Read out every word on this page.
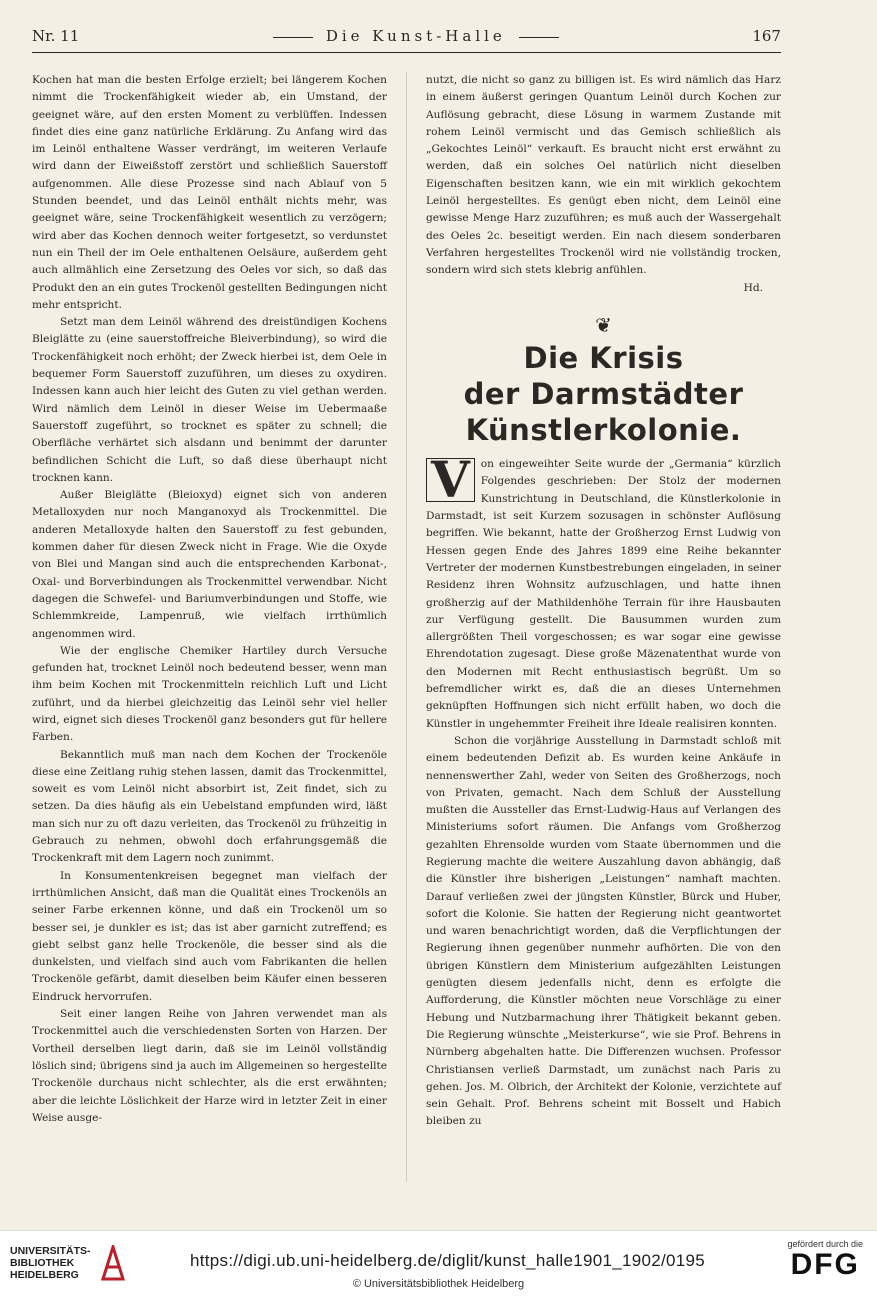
Nr. 11	Die Kunst-Halle	167

Kochen hat man die besten Erfolge erzielt; bei längerem Kochen nimmt die Trockenfähigkeit wieder ab, ein Umstand, der geeignet wäre, auf den ersten Moment zu verblüffen. Indessen findet dies eine ganz natürliche Erklärung. Zu Anfang wird das im Leinöl enthaltene Wasser verdrängt, im weiteren Verlaufe wird dann der Eiweißstoff zerstört und schließlich Sauerstoff aufgenommen. Alle diese Prozesse sind nach Ablauf von 5 Stunden beendet, und das Leinöl enthält nichts mehr, was geeignet wäre, seine Trockenfähigkeit wesentlich zu verzögern; wird aber das Kochen dennoch weiter fortgesetzt, so verdunstet nun ein Theil der im Oele enthaltenen Oelsäure, außerdem geht auch allmählich eine Zersetzung des Oeles vor sich, so daß das Produkt den an ein gutes Trockenöl gestellten Bedingungen nicht mehr entspricht.

Setzt man dem Leinöl während des dreistündigen Kochens Bleiglätte zu (eine sauerstoffreiche Bleiverbindung), so wird die Trockenfähigkeit noch erhöht; der Zweck hierbei ist, dem Oele in bequemer Form Sauerstoff zuzuführen, um dieses zu oxydiren. Indessen kann auch hier leicht des Guten zu viel gethan werden. Wird nämlich dem Leinöl in dieser Weise im Uebermaaße Sauerstoff zugeführt, so trocknet es später zu schnell; die Oberfläche verhärtet sich alsdann und benimmt der darunter befindlichen Schicht die Luft, so daß diese überhaupt nicht trocknen kann.

Außer Bleiglätte (Bleioxyd) eignet sich von anderen Metalloxyden nur noch Manganoxyd als Trockenmittel. Die anderen Metalloxyde halten den Sauerstoff zu fest gebunden, kommen daher für diesen Zweck nicht in Frage. Wie die Oxyde von Blei und Mangan sind auch die entsprechenden Karbonat-, Oxal- und Borverbindungen als Trockenmittel verwendbar. Nicht dagegen die Schwefel- und Bariumverbindungen und Stoffe, wie Schlemmkreide, Lampenruß, wie vielfach irrthümlich angenommen wird.

Wie der englische Chemiker Hartiley durch Versuche gefunden hat, trocknet Leinöl noch bedeutend besser, wenn man ihm beim Kochen mit Trockenmitteln reichlich Luft und Licht zuführt, und da hierbei gleichzeitig das Leinöl sehr viel heller wird, eignet sich dieses Trockenöl ganz besonders gut für hellere Farben.

Bekanntlich muß man nach dem Kochen der Trockenöle diese eine Zeitlang ruhig stehen lassen, damit das Trockenmittel, soweit es vom Leinöl nicht absorbirt ist, Zeit findet, sich zu setzen. Da dies häufig als ein Uebelstand empfunden wird, läßt man sich nur zu oft dazu verleiten, das Trockenöl zu frühzeitig in Gebrauch zu nehmen, obwohl doch erfahrungsgemäß die Trockenkraft mit dem Lagern noch zunimmt.

In Konsumentenkreisen begegnet man vielfach der irrthümlichen Ansicht, daß man die Qualität eines Trockenöls an seiner Farbe erkennen könne, und daß ein Trockenöl um so besser sei, je dunkler es ist; das ist aber garnicht zutreffend; es giebt selbst ganz helle Trockenöle, die besser sind als die dunkelsten, und vielfach sind auch vom Fabrikanten die hellen Trockenöle gefärbt, damit dieselben beim Käufer einen besseren Eindruck hervorrufen.

Seit einer langen Reihe von Jahren verwendet man als Trockenmittel auch die verschiedensten Sorten von Harzen. Der Vortheil derselben liegt darin, daß sie im Leinöl vollständig löslich sind; übrigens sind ja auch im Allgemeinen so hergestellte Trockenöle durchaus nicht schlechter, als die erst erwähnten; aber die leichte Löslichkeit der Harze wird in letzter Zeit in einer Weise ausge-

nutzt, die nicht so ganz zu billigen ist. Es wird nämlich das Harz in einem äußerst geringen Quantum Leinöl durch Kochen zur Auflösung gebracht, diese Lösung in warmem Zustande mit rohem Leinöl vermischt und das Gemisch schließlich als „Gekochtes Leinöl“ verkauft. Es braucht nicht erst erwähnt zu werden, daß ein solches Oel natürlich nicht dieselben Eigenschaften besitzen kann, wie ein mit wirklich gekochtem Leinöl hergestelltes. Es genügt eben nicht, dem Leinöl eine gewisse Menge Harz zuzuführen; es muß auch der Wassergehalt des Oeles 2c. beseitigt werden. Ein nach diesem sonderbaren Verfahren hergestelltes Trockenöl wird nie vollständig trocken, sondern wird sich stets klebrig anfühlen.

Hd.
❦
Die Krisis
der Darmstädter Künstlerkolonie.

V	on eingeweihter Seite wurde der „Germania“ kürzlich Folgendes geschrieben: Der Stolz der modernen Kunstrichtung in Deutschland, die Künstlerkolonie in Darmstadt, ist seit Kurzem sozusagen in schönster Auflösung begriffen. Wie bekannt, hatte der Großherzog Ernst Ludwig von Hessen gegen Ende des Jahres 1899 eine Reihe bekannter Vertreter der modernen Kunstbestrebungen eingeladen, in seiner Residenz ihren Wohnsitz aufzuschlagen, und hatte ihnen großherzig auf der Mathildenhöhe Terrain für ihre Hausbauten zur Verfügung gestellt. Die Bausummen wurden zum allergrößten Theil vorgeschossen; es war sogar eine gewisse Ehrendotation zugesagt. Diese große Mäzenatenthat wurde von den Modernen mit Recht enthusiastisch begrüßt. Um so befremdlicher wirkt es, daß die an dieses Unternehmen geknüpften Hoffnungen sich nicht erfüllt haben, wo doch die Künstler in ungehemmter Freiheit ihre Ideale realisiren konnten.

Schon die vorjährige Ausstellung in Darmstadt schloß mit einem bedeutenden Defizit ab. Es wurden keine Ankäufe in nennenswerther Zahl, weder von Seiten des Großherzogs, noch von Privaten, gemacht. Nach dem Schluß der Ausstellung mußten die Aussteller das Ernst-Ludwig-Haus auf Verlangen des Ministeriums sofort räumen. Die Anfangs vom Großherzog gezahlten Ehrensolde wurden vom Staate übernommen und die Regierung machte die weitere Auszahlung davon abhängig, daß die Künstler ihre bisherigen „Leistungen“ namhaft machten. Darauf verließen zwei der jüngsten Künstler, Bürck und Huber, sofort die Kolonie. Sie hatten der Regierung nicht geantwortet und waren benachrichtigt worden, daß die Verpflichtungen der Regierung ihnen gegenüber nunmehr aufhörten. Die von den übrigen Künstlern dem Ministerium aufgezählten Leistungen genügten diesem jedenfalls nicht, denn es erfolgte die Aufforderung, die Künstler möchten neue Vorschläge zu einer Hebung und Nutzbarmachung ihrer Thätigkeit bekannt geben. Die Regierung wünschte „Meisterkurse“, wie sie Prof. Behrens in Nürnberg abgehalten hatte. Die Differenzen wuchsen. Professor Christiansen verließ Darmstadt, um zunächst nach Paris zu gehen. Jos. M. Olbrich, der Architekt der Kolonie, verzichtete auf sein Gehalt. Prof. Behrens scheint mit Bosselt und Habich bleiben zu

UNIVERSITÄTS-
BIBLIOTHEK
HEIDELBERG
https://digi.ub.uni-heidelberg.de/diglit/kunst_halle1901_1902/0195
© Universitätsbibliothek Heidelberg
gefördert durch die
DFG
